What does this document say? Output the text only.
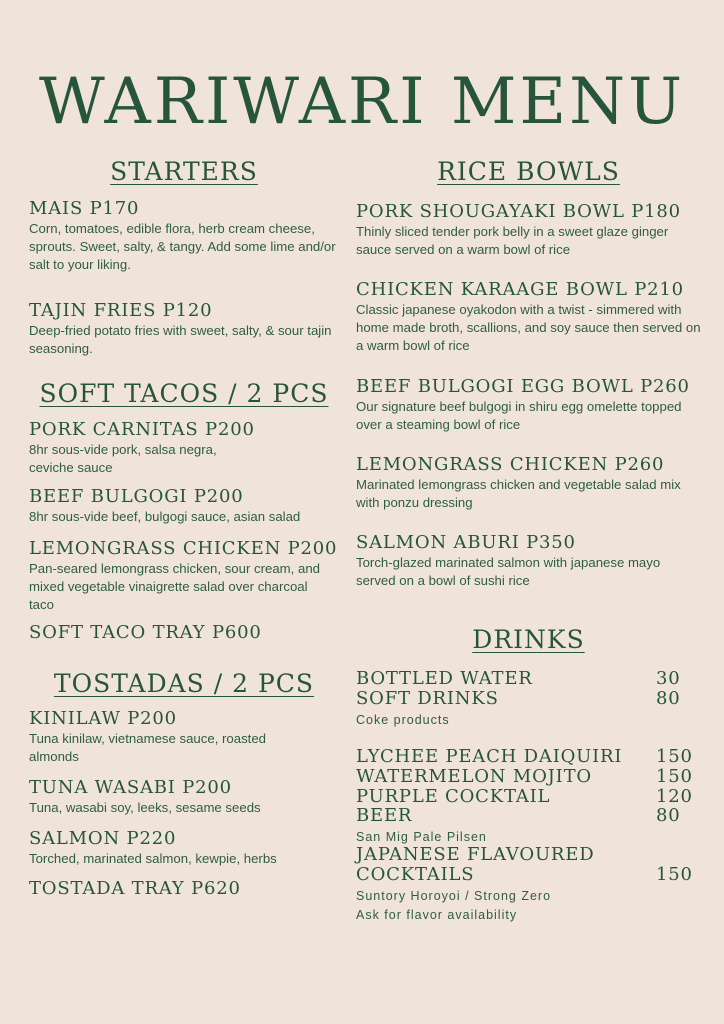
WARIWARI MENU
STARTERS
MAIS P170
Corn, tomatoes, edible flora, herb cream cheese, sprouts. Sweet, salty, & tangy. Add some lime and/or salt to your liking.
TAJIN FRIES P120
Deep-fried potato fries with sweet, salty, & sour tajin seasoning.
SOFT TACOS / 2 PCS
PORK CARNITAS P200
8hr sous-vide pork, salsa negra, ceviche sauce
BEEF BULGOGI P200
8hr sous-vide beef, bulgogi sauce, asian salad
LEMONGRASS CHICKEN P200
Pan-seared lemongrass chicken, sour cream, and mixed vegetable vinaigrette salad over charcoal taco
SOFT TACO TRAY P600
TOSTADAS / 2 PCS
KINILAW P200
Tuna kinilaw, vietnamese sauce, roasted almonds
TUNA WASABI P200
Tuna, wasabi soy, leeks, sesame seeds
SALMON P220
Torched, marinated salmon, kewpie, herbs
TOSTADA TRAY P620
RICE BOWLS
PORK SHOUGAYAKI BOWL P180
Thinly sliced tender pork belly in a sweet glaze ginger sauce served on a warm bowl of rice
CHICKEN KARAAGE BOWL P210
Classic japanese oyakodon with a twist - simmered with home made broth, scallions, and soy sauce then served on a warm bowl of rice
BEEF BULGOGI EGG BOWL P260
Our signature beef bulgogi in shiru egg omelette topped over a steaming bowl of rice
LEMONGRASS CHICKEN P260
Marinated lemongrass chicken and vegetable salad mix with ponzu dressing
SALMON ABURI P350
Torch-glazed marinated salmon with japanese mayo served on a bowl of sushi rice
DRINKS
BOTTLED WATER	30
SOFT DRINKS	80
Coke products
LYCHEE PEACH DAIQUIRI 150
WATERMELON MOJITO	150
PURPLE COCKTAIL	120
BEER	80
San Mig Pale Pilsen
JAPANESE FLAVOURED
COCKTAILS	150
Suntory Horoyoi / Strong Zero
Ask for flavor availability
